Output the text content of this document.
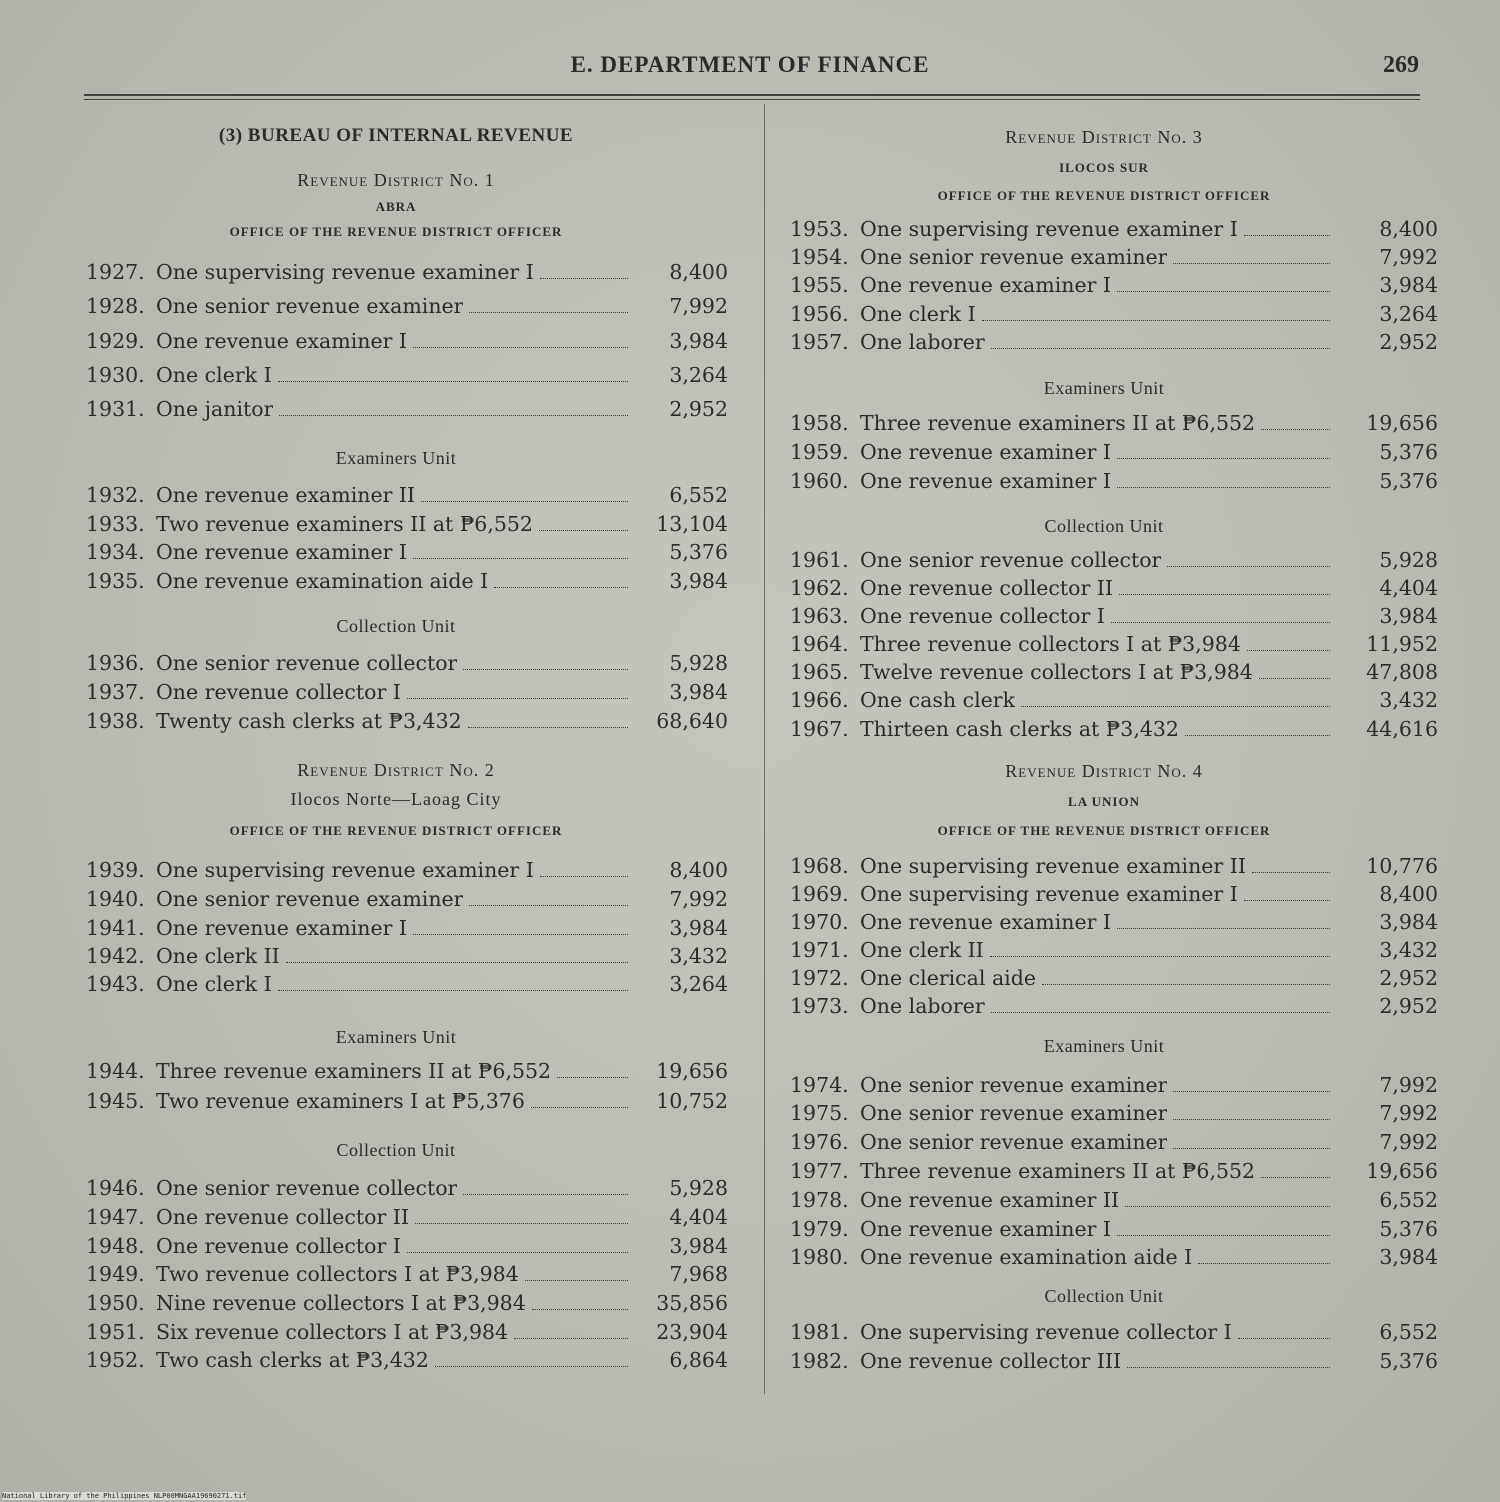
E. DEPARTMENT OF FINANCE	269
(3) BUREAU OF INTERNAL REVENUE
Revenue District No. 1
ABRA
OFFICE OF THE REVENUE DISTRICT OFFICER
1927. One supervising revenue examiner I	8,400
1928. One senior revenue examiner	7,992
1929. One revenue examiner I	3,984
1930. One clerk I	3,264
1931. One janitor	2,952
Examiners Unit
1932. One revenue examiner II	6,552
1933. Two revenue examiners II at ₱6,552	13,104
1934. One revenue examiner I	5,376
1935. One revenue examination aide I	3,984
Collection Unit
1936. One senior revenue collector	5,928
1937. One revenue collector I	3,984
1938. Twenty cash clerks at ₱3,432	68,640
Revenue District No. 2
Ilocos Norte—Laoag City
OFFICE OF THE REVENUE DISTRICT OFFICER
1939. One supervising revenue examiner I	8,400
1940. One senior revenue examiner	7,992
1941. One revenue examiner I	3,984
1942. One clerk II	3,432
1943. One clerk I	3,264
Examiners Unit
1944. Three revenue examiners II at ₱6,552	19,656
1945. Two revenue examiners I at ₱5,376	10,752
Collection Unit
1946. One senior revenue collector	5,928
1947. One revenue collector II	4,404
1948. One revenue collector I	3,984
1949. Two revenue collectors I at ₱3,984	7,968
1950. Nine revenue collectors I at ₱3,984	35,856
1951. Six revenue collectors I at ₱3,984	23,904
1952. Two cash clerks at ₱3,432	6,864
Revenue District No. 3
ILOCOS SUR
OFFICE OF THE REVENUE DISTRICT OFFICER
1953. One supervising revenue examiner I	8,400
1954. One senior revenue examiner	7,992
1955. One revenue examiner I	3,984
1956. One clerk I	3,264
1957. One laborer	2,952
Examiners Unit
1958. Three revenue examiners II at ₱6,552	19,656
1959. One revenue examiner I	5,376
1960. One revenue examiner I	5,376
Collection Unit
1961. One senior revenue collector	5,928
1962. One revenue collector II	4,404
1963. One revenue collector I	3,984
1964. Three revenue collectors I at ₱3,984	11,952
1965. Twelve revenue collectors I at ₱3,984	47,808
1966. One cash clerk	3,432
1967. Thirteen cash clerks at ₱3,432	44,616
Revenue District No. 4
LA UNION
OFFICE OF THE REVENUE DISTRICT OFFICER
1968. One supervising revenue examiner II	10,776
1969. One supervising revenue examiner I	8,400
1970. One revenue examiner I	3,984
1971. One clerk II	3,432
1972. One clerical aide	2,952
1973. One laborer	2,952
Examiners Unit
1974. One senior revenue examiner	7,992
1975. One senior revenue examiner	7,992
1976. One senior revenue examiner	7,992
1977. Three revenue examiners II at ₱6,552	19,656
1978. One revenue examiner II	6,552
1979. One revenue examiner I	5,376
1980. One revenue examination aide I	3,984
Collection Unit
1981. One supervising revenue collector I	6,552
1982. One revenue collector III	5,376
National Library of the Philippines NLP00MNGAA19690271.tif
